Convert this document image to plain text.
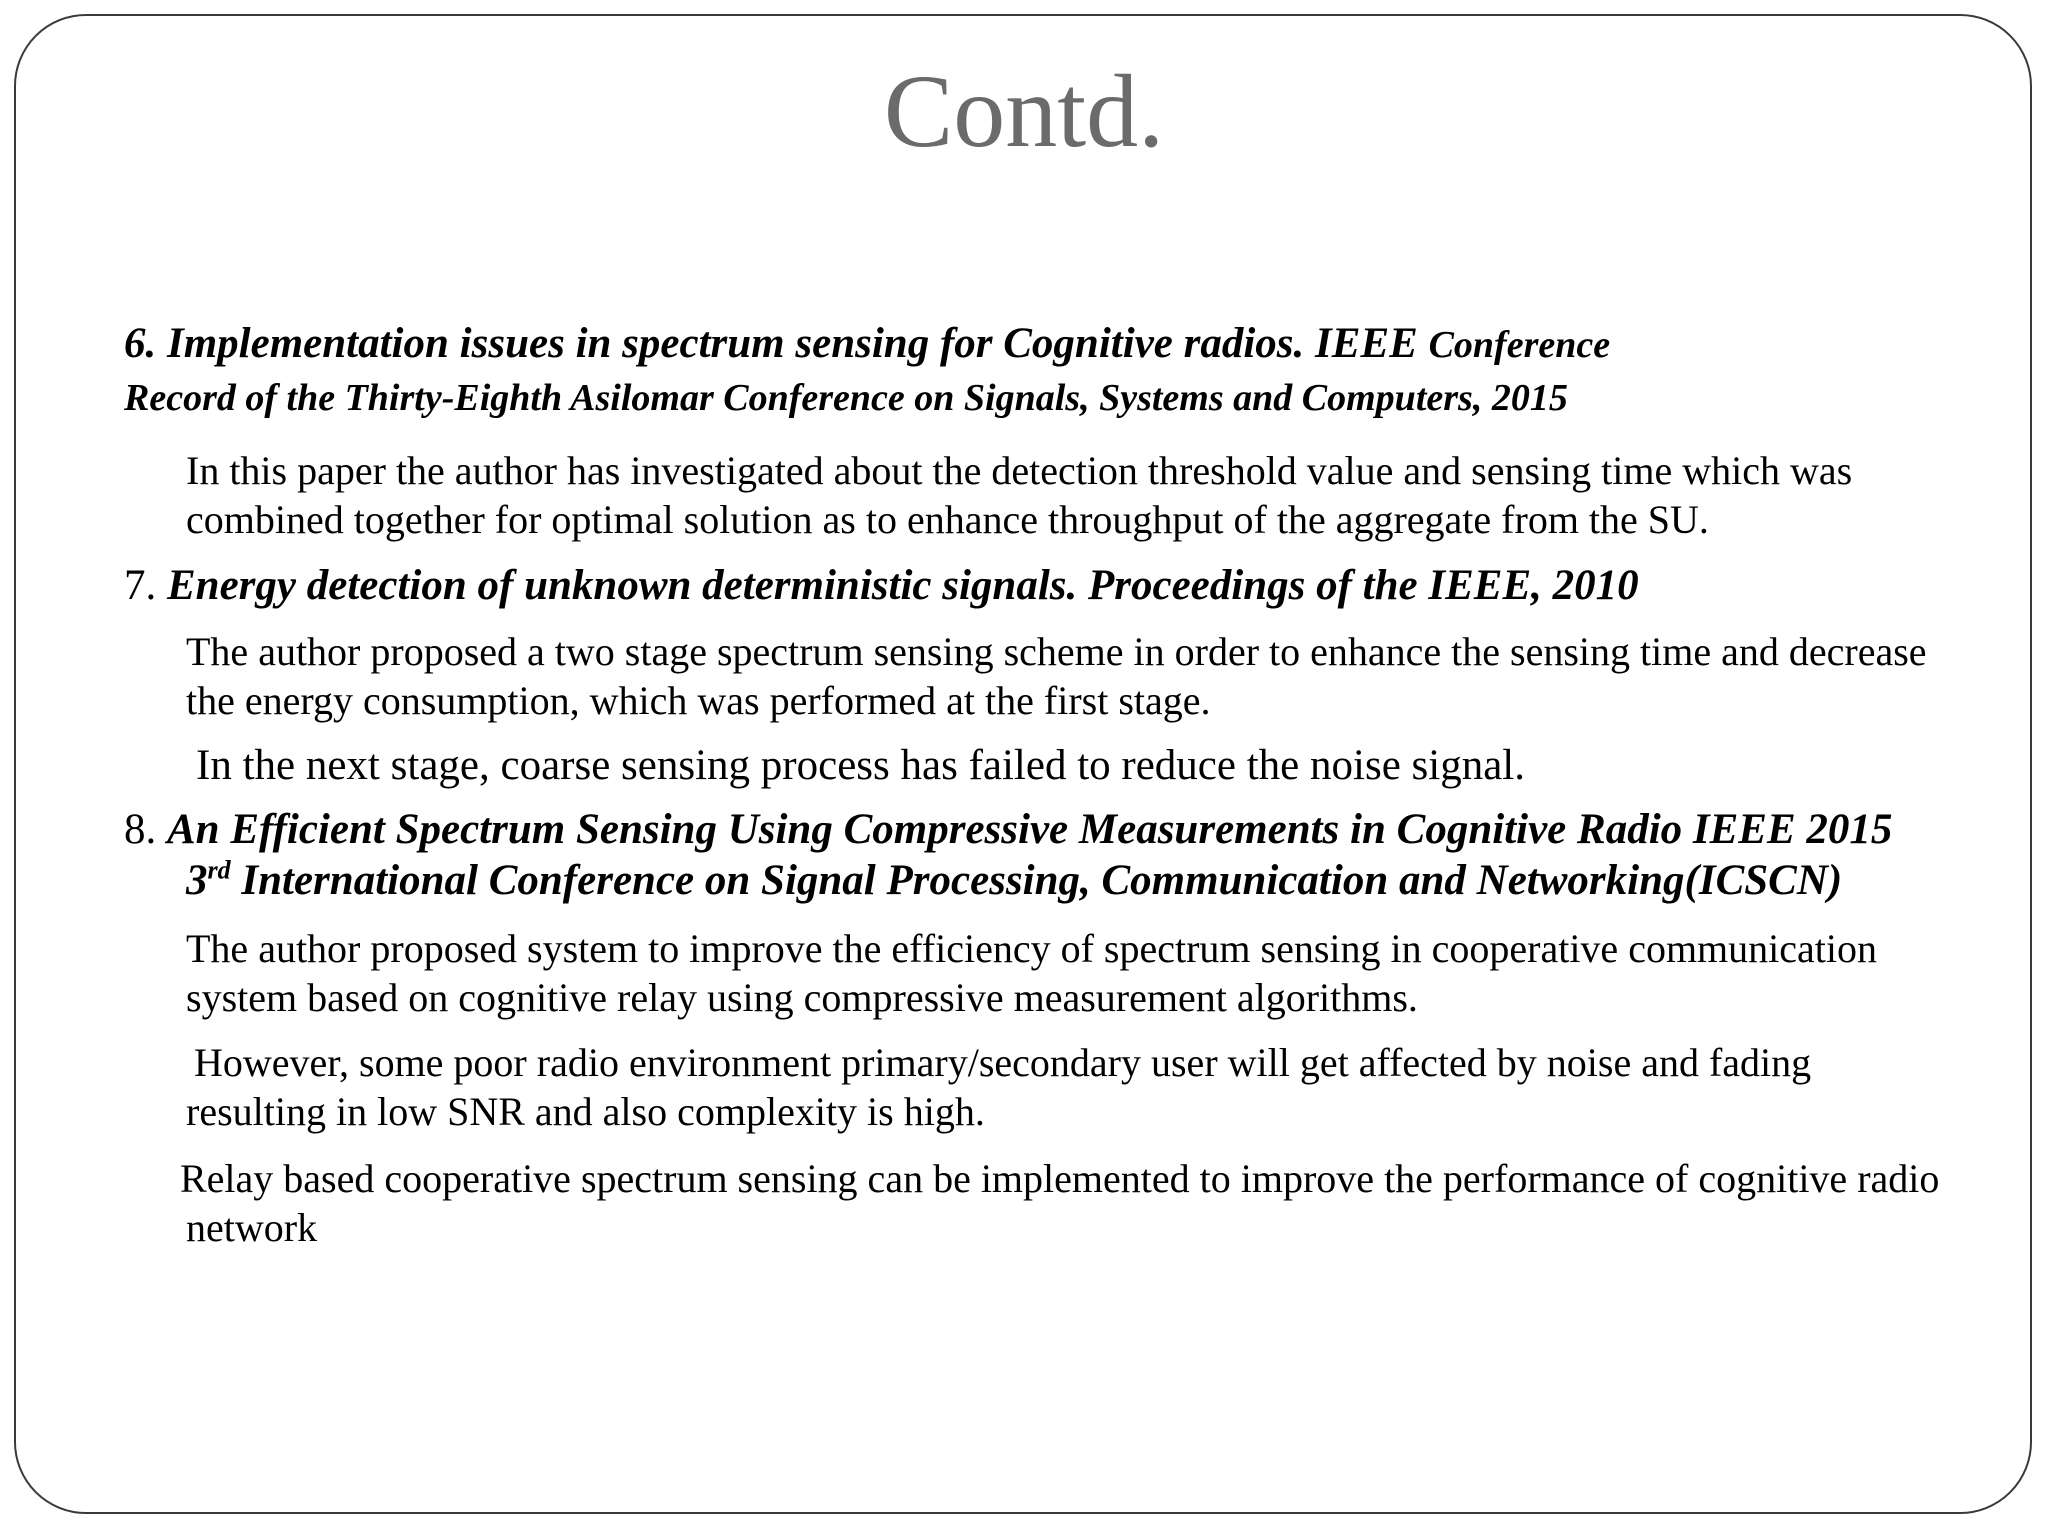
Contd.
6. Implementation issues in spectrum sensing for Cognitive radios. IEEE Conference
Record of the Thirty-Eighth Asilomar Conference on Signals, Systems and Computers, 2015
In this paper the author has investigated about the detection threshold value and sensing time which was combined together for optimal solution as to enhance throughput of the aggregate from the SU.
7. Energy detection of unknown deterministic signals. Proceedings of the IEEE, 2010
The author proposed a two stage spectrum sensing scheme in order to enhance the sensing time and decrease the energy consumption, which was performed at the first stage.
In the next stage, coarse sensing process has failed to reduce the noise signal.
8. An Efficient Spectrum Sensing Using Compressive Measurements in Cognitive Radio IEEE 2015 3rd International Conference on Signal Processing, Communication and Networking(ICSCN)
The author proposed system to improve the efficiency of spectrum sensing in cooperative communication system based on cognitive relay using compressive measurement algorithms.
However, some poor radio environment primary/secondary user will get affected by noise and fading resulting in low SNR and also complexity is high.
Relay based cooperative spectrum sensing can be implemented to improve the performance of cognitive radio network
